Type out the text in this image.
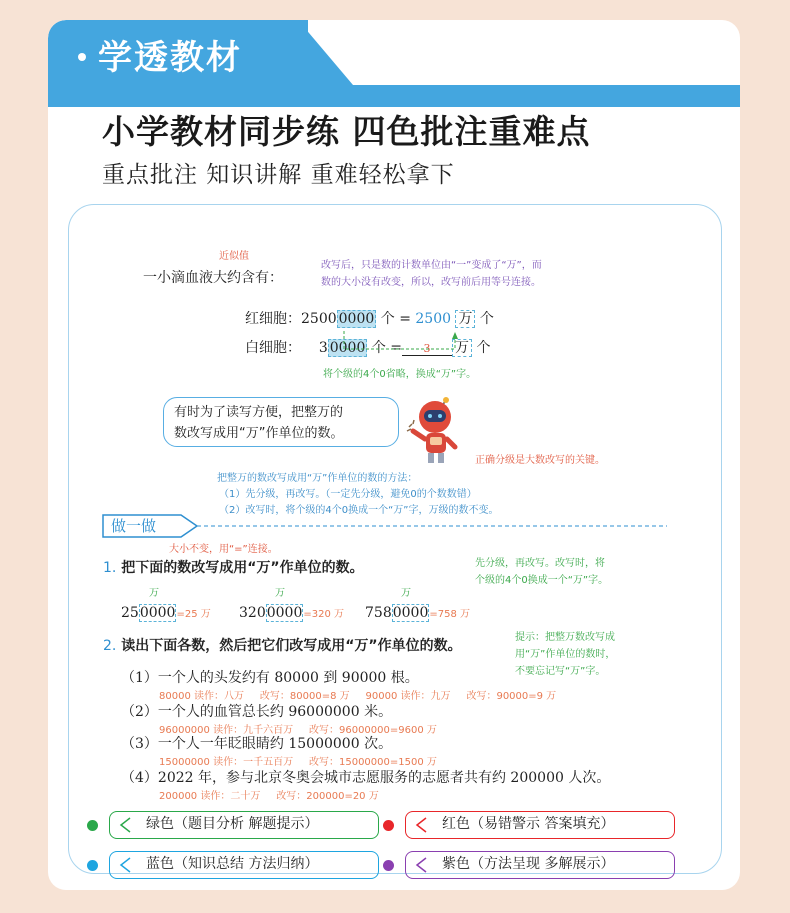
学透教材
小学教材同步练 四色批注重难点
重点批注 知识讲解 重难轻松拿下
近似值
一小滴血液大约含有：
改写后，只是数的计数单位由“一”变成了“万”，而
数的大小没有改变，所以，改写前后用等号连接。
红细胞：2500 0000 个 = 2500 万 个
白细胞： 3 0000 个 = 3 万 个
将个级的4个0省略，换成“万”字。
有时为了读写方便，把整万的
数改写成用“万”作单位的数。
正确分级是大数改写的关键。
把整万的数改写成用“万”作单位的数的方法：
（1）先分级，再改写。（一定先分级，避免0的个数数错）
（2）改写时，将个级的4个0换成一个“万”字，万级的数不变。
做一做
大小不变，用“=”连接。
1. 把下面的数改写成用“万”作单位的数。	先分级，再改写。改写时，将
个级的4个0换成一个“万”字。
万
250000=25 万
万
3200000=320 万
万
7580000=758 万
2. 读出下面各数，然后把它们改写成用“万”作单位的数。
提示：把整万数改写成
用“万”作单位的数时，
不要忘记写“万”字。
（1）一个人的头发约有 80000 到 90000 根。
80000 读作：八万 改写：80000=8 万 90000 读作：九万 改写：90000=9 万
（2）一个人的血管总长约 96000000 米。
96000000 读作：九千六百万 改写：96000000=9600 万
（3）一个人一年眨眼睛约 15000000 次。
15000000 读作：一千五百万 改写：15000000=1500 万
（4）2022 年，参与北京冬奥会城市志愿服务的志愿者共有约 200000 人次。
200000 读作：二十万 改写：200000=20 万
绿色（题目分析 解题提示）	红色（易错警示 答案填充）
蓝色（知识总结 方法归纳）	紫色（方法呈现 多解展示）
